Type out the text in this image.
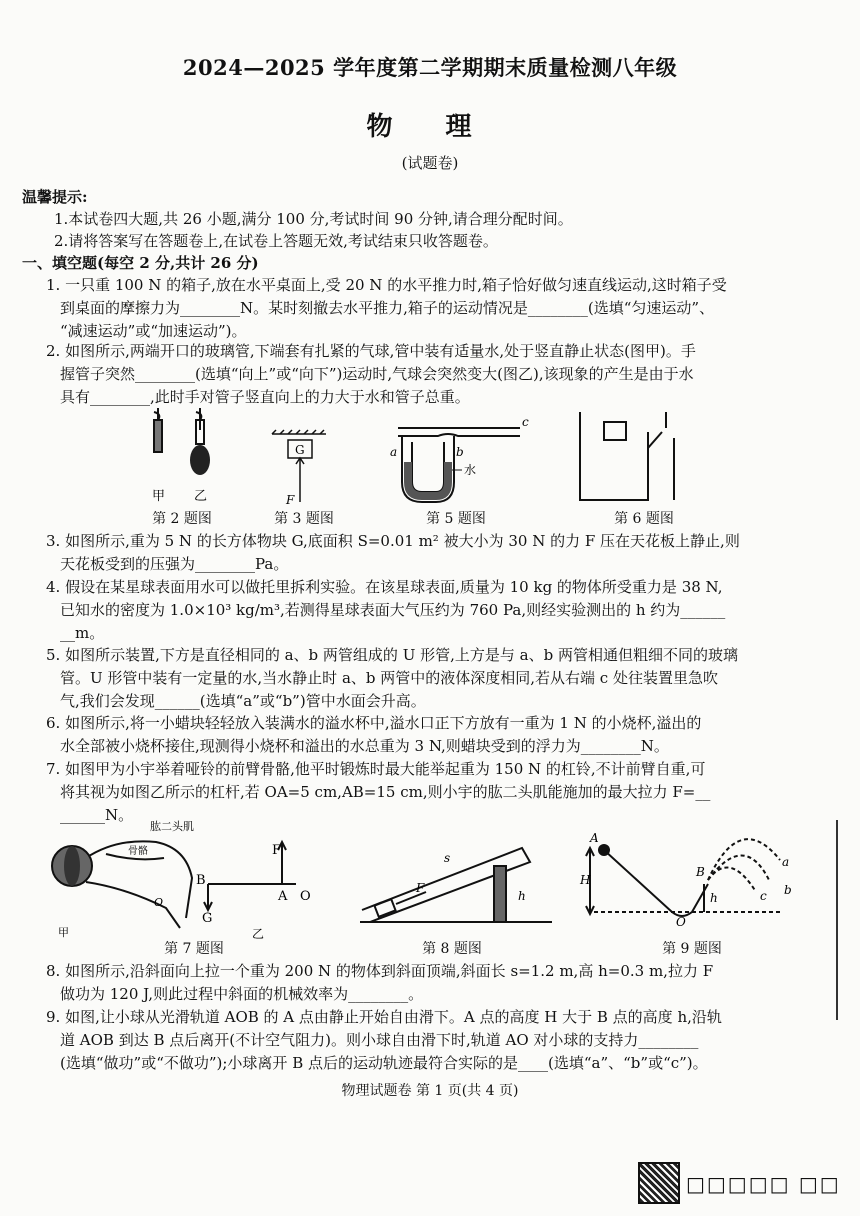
2024—2025 学年度第二学期期末质量检测八年级
物 理
(试题卷)
温馨提示:
1.本试卷四大题,共 26 小题,满分 100 分,考试时间 90 分钟,请合理分配时间。
2.请将答案写在答题卷上,在试卷上答题无效,考试结束只收答题卷。
一、填空题(每空 2 分,共计 26 分)
1. 一只重 100 N 的箱子,放在水平桌面上,受 20 N 的水平推力时,箱子恰好做匀速直线运动,这时箱子受
到桌面的摩擦力为________N。某时刻撤去水平推力,箱子的运动情况是________(选填“匀速运动”、
“减速运动”或“加速运动”)。
2. 如图所示,两端开口的玻璃管,下端套有扎紧的气球,管中装有适量水,处于竖直静止状态(图甲)。手
握管子突然________(选填“向上”或“向下”)运动时,气球会突然变大(图乙),该现象的产生是由于水
具有________,此时手对管子竖直向上的力大于水和管子总重。
甲 乙
G
F
a	b
c
水
第 2 题图	第 3 题图	第 5 题图	第 6 题图
3. 如图所示,重为 5 N 的长方体物块 G,底面积 S=0.01 m² 被大小为 30 N 的力 F 压在天花板上静止,则
天花板受到的压强为________Pa。
4. 假设在某星球表面用水可以做托里拆利实验。在该星球表面,质量为 10 kg 的物体所受重力是 38 N,
已知水的密度为 1.0×10³ kg/m³,若测得星球表面大气压约为 760 Pa,则经实验测出的 h 约为______
__m。
5. 如图所示装置,下方是直径相同的 a、b 两管组成的 U 形管,上方是与 a、b 两管相通但粗细不同的玻璃
管。U 形管中装有一定量的水,当水静止时 a、b 两管中的液体深度相同,若从右端 c 处往装置里急吹
气,我们会发现______(选填“a”或“b”)管中水面会升高。
6. 如图所示,将一小蜡块轻轻放入装满水的溢水杯中,溢水口正下方放有一重为 1 N 的小烧杯,溢出的
水全部被小烧杯接住,现测得小烧杯和溢出的水总重为 3 N,则蜡块受到的浮力为________N。
7. 如图甲为小宇举着哑铃的前臂骨骼,他平时锻炼时最大能举起重为 150 N 的杠铃,不计前臂自重,可
将其视为如图乙所示的杠杆,若 OA=5 cm,AB=15 cm,则小宇的肱二头肌能施加的最大拉力 F=__
______N。
肱二头肌
骨骼
O
甲
F
B
A O
G
乙
s
F
h
A
H
B
h
O
a
b
c
第 7 题图	第 8 题图	第 9 题图
8. 如图所示,沿斜面向上拉一个重为 200 N 的物体到斜面顶端,斜面长 s=1.2 m,高 h=0.3 m,拉力 F
做功为 120 J,则此过程中斜面的机械效率为________。
9. 如图,让小球从光滑轨道 AOB 的 A 点由静止开始自由滑下。A 点的高度 H 大于 B 点的高度 h,沿轨
道 AOB 到达 B 点后离开(不计空气阻力)。则小球自由滑下时,轨道 AO 对小球的支持力________
(选填“做功”或“不做功”);小球离开 B 点后的运动轨迹最符合实际的是____(选填“a”、“b”或“c”)。
物理试题卷 第 1 页(共 4 页)
□□□□□ □□
